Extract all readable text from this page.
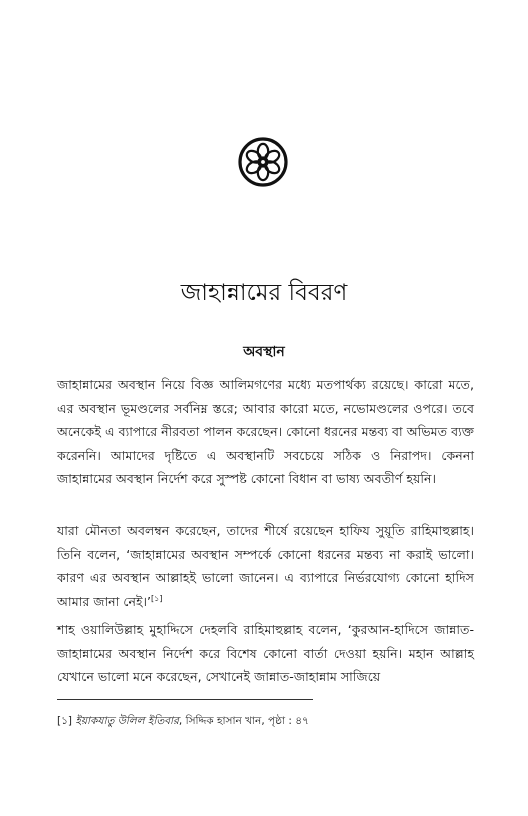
জাহান্নামের বিবরণ
অবস্থান

জাহান্নামের অবস্থান নিয়ে বিজ্ঞ আলিমগণের মধ্যে মতপার্থক্য রয়েছে। কারো মতে, এর অবস্থান ভূমণ্ডলের সর্বনিম্ন স্তরে; আবার কারো মতে, নভোমণ্ডলের ওপরে। তবে অনেকেই এ ব্যাপারে নীরবতা পালন করেছেন। কোনো ধরনের মন্তব্য বা অভিমত ব্যক্ত করেননি। আমাদের দৃষ্টিতে এ অবস্থানটি সবচেয়ে সঠিক ও নিরাপদ। কেননা জাহান্নামের অবস্থান নির্দেশ করে সুস্পষ্ট কোনো বিধান বা ভাষ্য অবতীর্ণ হয়নি।

যারা মৌনতা অবলম্বন করেছেন, তাদের শীর্ষে রয়েছেন হাফিয সুয়ূতি রাহিমাহুল্লাহ। তিনি বলেন, ‘জাহান্নামের অবস্থান সম্পর্কে কোনো ধরনের মন্তব্য না করাই ভালো। কারণ এর অবস্থান আল্লাহই ভালো জানেন। এ ব্যাপারে নির্ভরযোগ্য কোনো হাদিস আমার জানা নেই।’[১]

শাহ ওয়ালিউল্লাহ মুহাদ্দিসে দেহলবি রাহিমাহুল্লাহ বলেন, ‘কুরআন-হাদিসে জান্নাত-জাহান্নামের অবস্থান নির্দেশ করে বিশেষ কোনো বার্তা দেওয়া হয়নি। মহান আল্লাহ যেখানে ভালো মনে করেছেন, সেখানেই জান্নাত-জাহান্নাম সাজিয়ে

[১] ইয়াকযাতু উলিল ইতিবার, সিদ্দিক হাসান খান, পৃষ্ঠা : ৪৭
